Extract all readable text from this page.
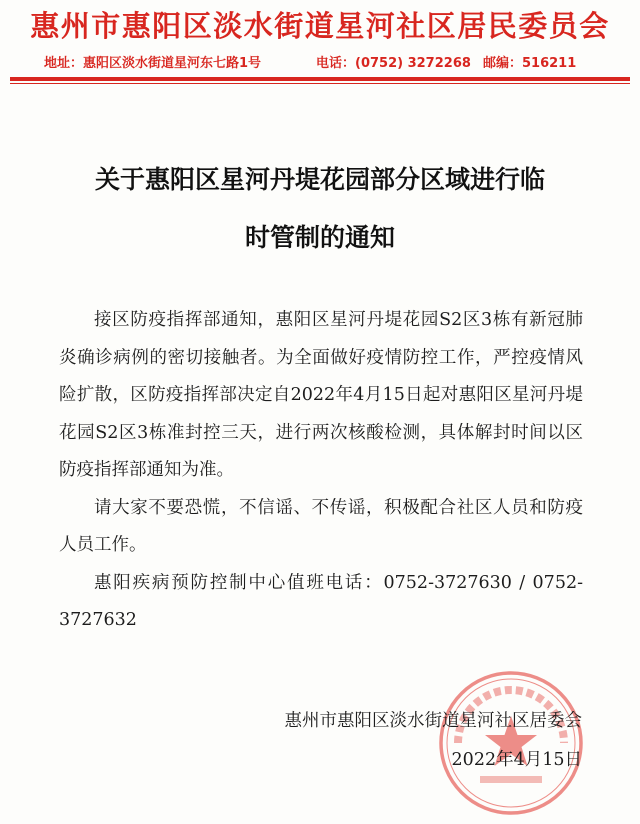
惠州市惠阳区淡水街道星河社区居民委员会
地址：惠阳区淡水街道星河东七路1号	电话：(0752) 3272268 邮编：516211
关于惠阳区星河丹堤花园部分区域进行临
时管制的通知

接区防疫指挥部通知，惠阳区星河丹堤花园S2区3栋有新冠肺炎确诊病例的密切接触者。为全面做好疫情防控工作，严控疫情风险扩散，区防疫指挥部决定自2022年4月15日起对惠阳区星河丹堤花园S2区3栋准封控三天，进行两次核酸检测，具体解封时间以区防疫指挥部通知为准。

请大家不要恐慌，不信谣、不传谣，积极配合社区人员和防疫人员工作。

惠阳疾病预防控制中心值班电话：0752-3727630 / 0752-3727632

惠州市惠阳区淡水街道星河社区居委会
2022年4月15日
